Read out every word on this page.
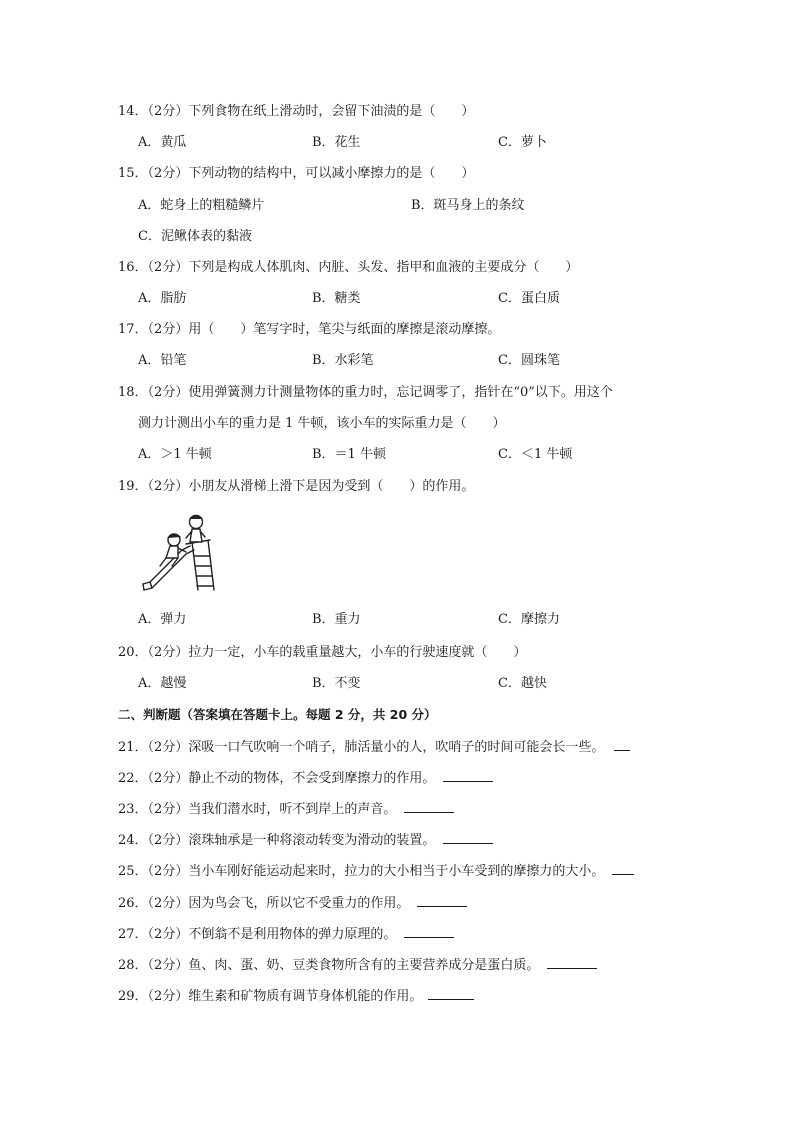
14．（2分）下列食物在纸上滑动时，会留下油渍的是（　　）
A．黄瓜	B．花生	C．萝卜
15．（2分）下列动物的结构中，可以减小摩擦力的是（　　）
A．蛇身上的粗糙鳞片	B．斑马身上的条纹
C．泥鳅体表的黏液
16．（2分）下列是构成人体肌肉、内脏、头发、指甲和血液的主要成分（　　）
A．脂肪	B．糖类	C．蛋白质
17．（2分）用（　　）笔写字时，笔尖与纸面的摩擦是滚动摩擦。
A．铅笔	B．水彩笔	C．圆珠笔
18．（2分）使用弹簧测力计测量物体的重力时，忘记调零了，指针在“0”以下。用这个
测力计测出小车的重力是 1 牛顿，该小车的实际重力是（　　）
A．＞1 牛顿	B．＝1 牛顿	C．＜1 牛顿
19．（2分）小朋友从滑梯上滑下是因为受到（　　）的作用。
A．弹力	B．重力	C．摩擦力
20．（2分）拉力一定，小车的载重量越大，小车的行驶速度就（　　）
A．越慢	B．不变	C．越快
二、判断题（答案填在答题卡上。每题 2 分，共 20 分）
21．（2分）深吸一口气吹响一个哨子，肺活量小的人，吹哨子的时间可能会长一些。
22．（2分）静止不动的物体，不会受到摩擦力的作用。
23．（2分）当我们潜水时，听不到岸上的声音。
24．（2分）滚珠轴承是一种将滚动转变为滑动的装置。
25．（2分）当小车刚好能运动起来时，拉力的大小相当于小车受到的摩擦力的大小。
26．（2分）因为鸟会飞，所以它不受重力的作用。
27．（2分）不倒翁不是利用物体的弹力原理的。
28．（2分）鱼、肉、蛋、奶、豆类食物所含有的主要营养成分是蛋白质。
29．（2分）维生素和矿物质有调节身体机能的作用。
